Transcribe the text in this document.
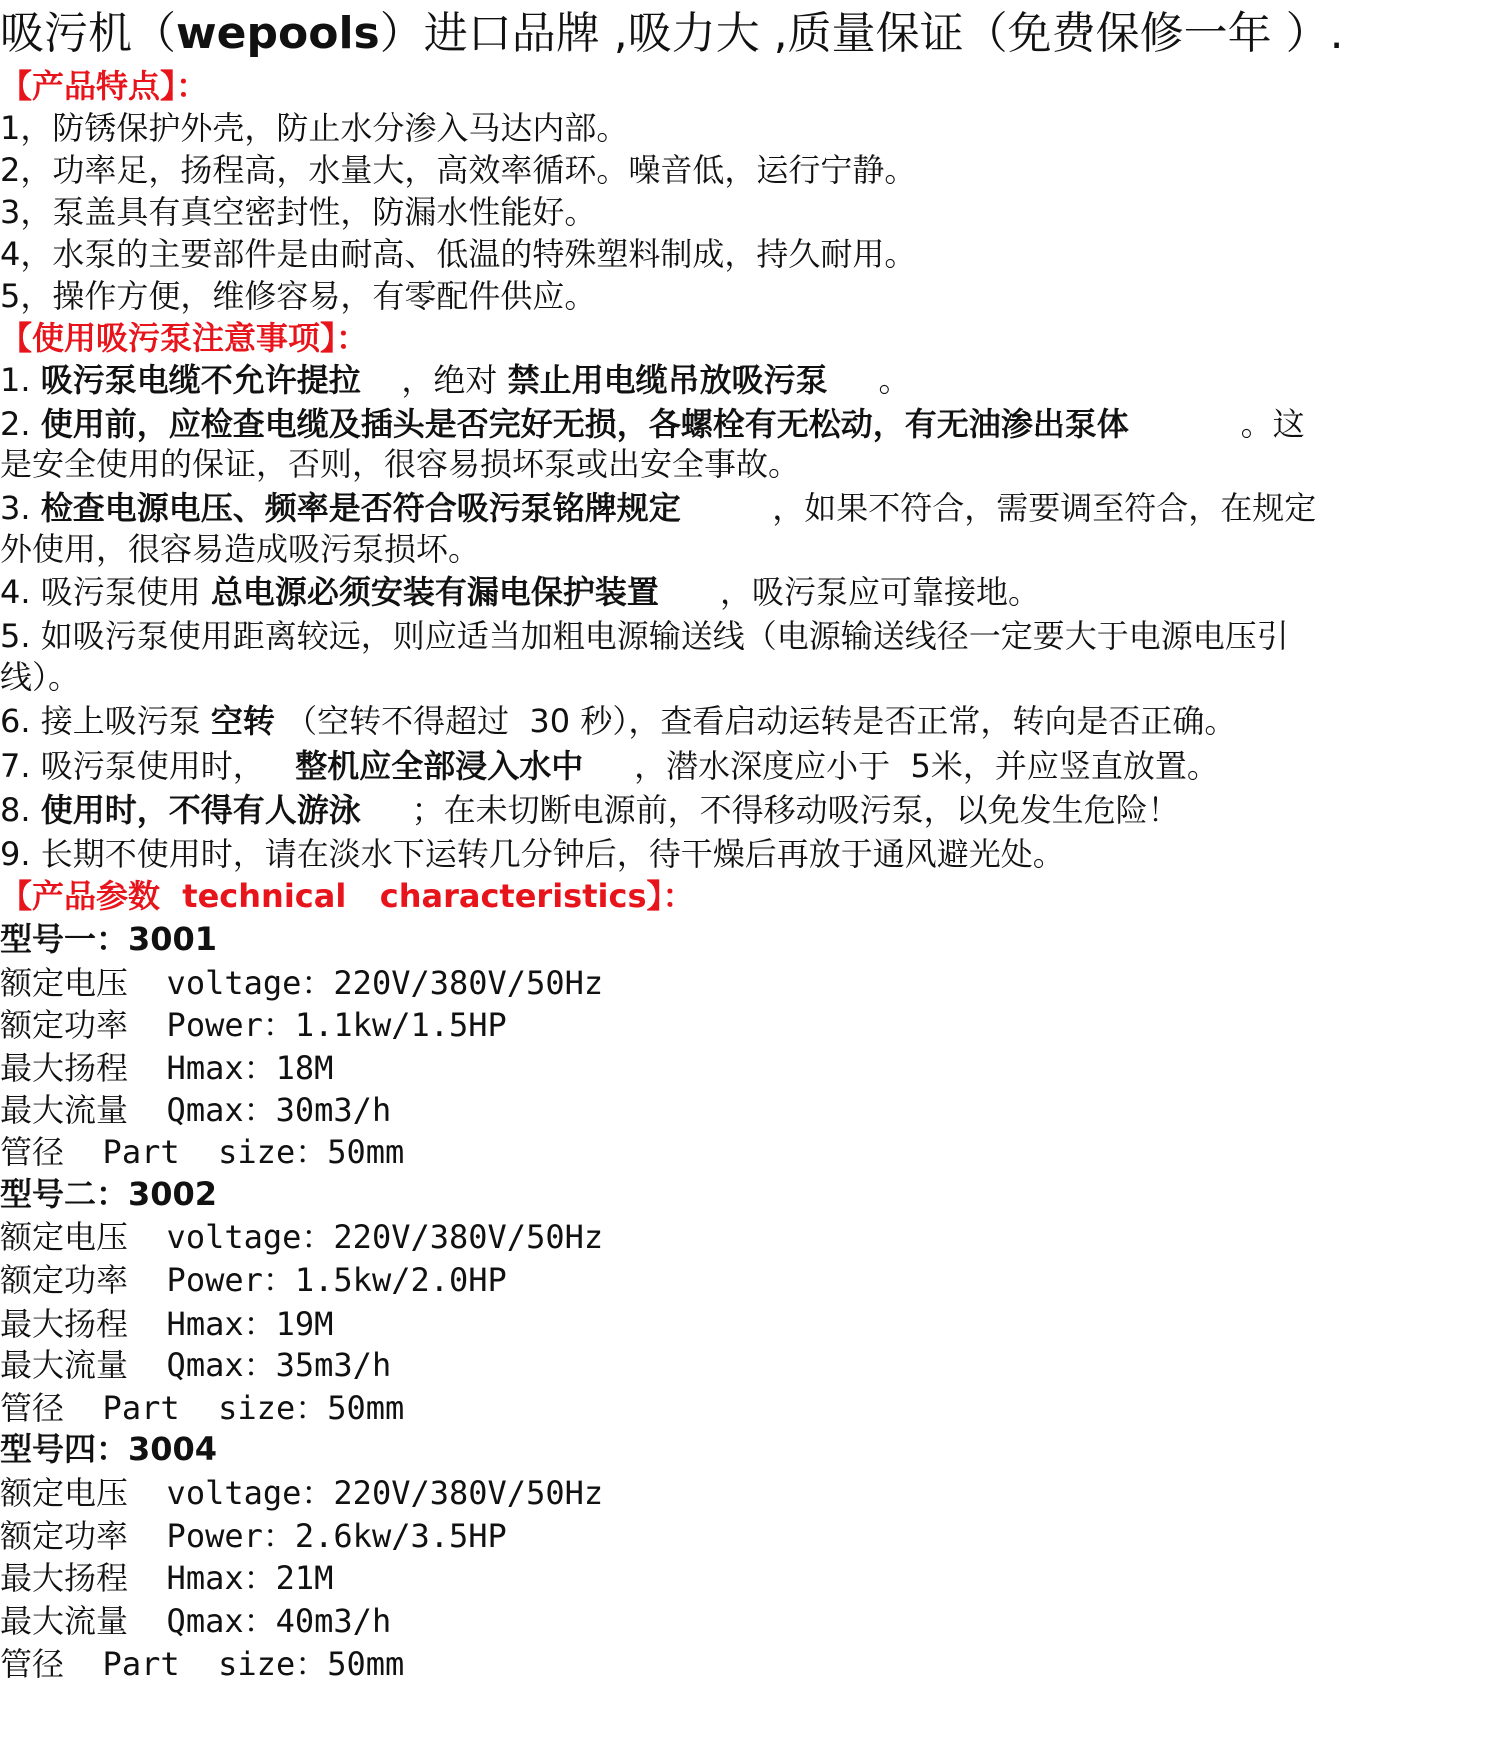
吸污机（wepools）进口品牌 ,吸力大 ,质量保证（免费保修一年 ）.
【产品特点】：
1，防锈保护外壳，防止水分渗入马达内部。
2，功率足，扬程高，水量大，高效率循环。噪音低，运行宁静。
3，泵盖具有真空密封性，防漏水性能好。
4，水泵的主要部件是由耐高、低温的特殊塑料制成，持久耐用。
5，操作方便，维修容易，有零配件供应。
【使用吸污泵注意事项】：
1. 吸污泵电缆不允许提拉    ，绝对 禁止用电缆吊放吸污泵     。
2. 使用前，应检查电缆及插头是否完好无损，各螺栓有无松动，有无油渗出泵体           。这
是安全使用的保证，否则，很容易损坏泵或出安全事故。
3. 检查电源电压、频率是否符合吸污泵铭牌规定         ，如果不符合，需要调至符合，在规定
外使用，很容易造成吸污泵损坏。
4. 吸污泵使用 总电源必须安装有漏电保护装置      ，吸污泵应可靠接地。
5. 如吸污泵使用距离较远，则应适当加粗电源输送线（电源输送线径一定要大于电源电压引
线）。
6. 接上吸污泵 空转 （空转不得超过  30 秒），查看启动运转是否正常，转向是否正确。
7. 吸污泵使用时，   整机应全部浸入水中     ，潜水深度应小于  5米，并应竖直放置。
8. 使用时，不得有人游泳     ；在未切断电源前，不得移动吸污泵，以免发生危险！
9. 长期不使用时，请在淡水下运转几分钟后，待干燥后再放于通风避光处。
【产品参数  technical   characteristics】：
型号一：3001
额定电压  voltage：220V/380V/50Hz
额定功率  Power：1.1kw/1.5HP
最大扬程  Hmax：18M
最大流量  Qmax：30m3/h
管径  Part  size：50mm
型号二：3002
额定电压  voltage：220V/380V/50Hz
额定功率  Power：1.5kw/2.0HP
最大扬程  Hmax：19M
最大流量  Qmax：35m3/h
管径  Part  size：50mm
型号四：3004
额定电压  voltage：220V/380V/50Hz
额定功率  Power：2.6kw/3.5HP
最大扬程  Hmax：21M
最大流量  Qmax：40m3/h
管径  Part  size：50mm
